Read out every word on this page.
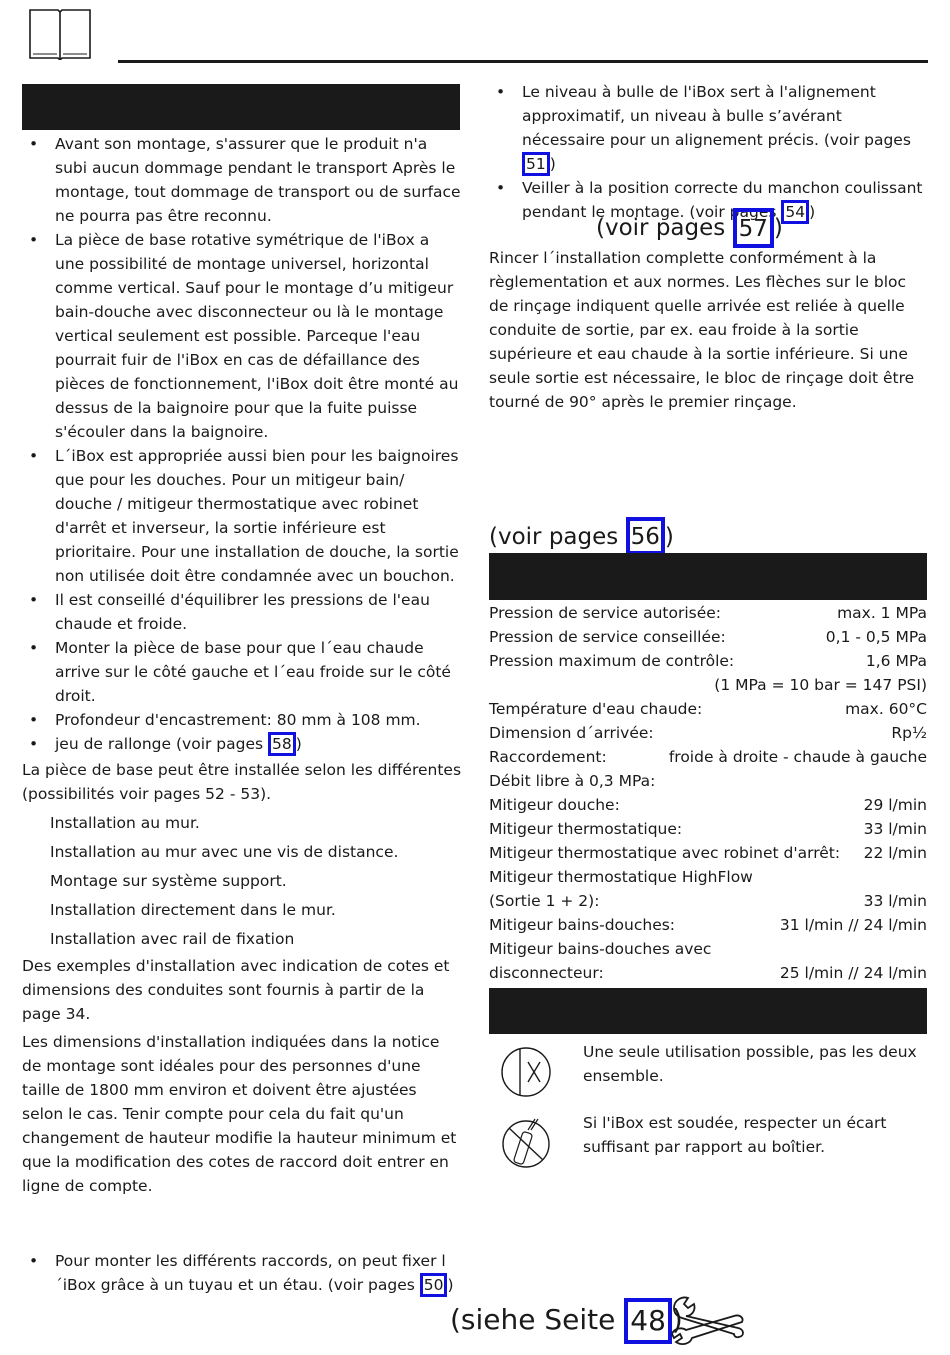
• Avant son montage, s'assurer que le produit n'a subi aucun dommage pendant le transport Après le montage, tout dommage de transport ou de surface ne pourra pas être reconnu.
• La pièce de base rotative symétrique de l'iBox a une possibilité de montage universel, horizontal comme vertical. Sauf pour le montage d’u mitigeur bain-douche avec disconnecteur ou là le montage vertical seulement est possible. Parceque l'eau pourrait fuir de l'iBox en cas de défaillance des pièces de fonctionnement, l'iBox doit être monté au dessus de la baignoire pour que la fuite puisse s'écouler dans la baignoire.
• L´iBox est appropriée aussi bien pour les baignoires que pour les douches. Pour un mitigeur bain/ douche / mitigeur thermostatique avec robinet d'arrêt et inverseur, la sortie inférieure est prioritaire. Pour une installation de douche, la sortie non utilisée doit être condamnée avec un bouchon.
• Il est conseillé d'équilibrer les pressions de l'eau chaude et froide.
• Monter la pièce de base pour que l´eau chaude arrive sur le côté gauche et l´eau froide sur le côté droit.
• Profondeur d'encastrement: 80 mm à 108 mm.
• jeu de rallonge (voir pages 58 )

La pièce de base peut être installée selon les différentes (possibilités voir pages 52 - 53).

Installation au mur.
Installation au mur avec une vis de distance.
Montage sur système support.
Installation directement dans le mur.
Installation avec rail de fixation

Des exemples d'installation avec indication de cotes et dimensions des conduites sont fournis à partir de la page 34.

Les dimensions d'installation indiquées dans la notice de montage sont idéales pour des personnes d'une taille de 1800 mm environ et doivent être ajustées selon le cas. Tenir compte pour cela du fait qu'un changement de hauteur modifie la hauteur minimum et que la modification des cotes de raccord doit entrer en ligne de compte.

• Pour monter les différents raccords, on peut fixer l´iBox grâce à un tuyau et un étau. (voir pages 50 )
• Le niveau à bulle de l'iBox sert à l'alignement approximatif, un niveau à bulle s’avérant nécessaire pour un alignement précis. (voir pages 51 )
• Veiller à la position correcte du manchon coulissant pendant le montage. (voir pages 54 )
(voir pages 57 )

Rincer l´installation complette conformément à la règlementation et aux normes. Les flèches sur le bloc de rinçage indiquent quelle arrivée est reliée à quelle conduite de sortie, par ex. eau froide à la sortie supérieure et eau chaude à la sortie inférieure. Si une seule sortie est nécessaire, le bloc de rinçage doit être tourné de 90° après le premier rinçage.

(voir pages 56 )
Pression de service autorisée:	max. 1 MPa
Pression de service conseillée:	0,1 - 0,5 MPa
Pression maximum de contrôle:	1,6 MPa
(1 MPa = 10 bar = 147 PSI)
Température d'eau chaude:	max. 60°C
Dimension d´arrivée:	Rp½
Raccordement:	froide à droite - chaude à gauche
Débit libre à 0,3 MPa:
Mitigeur douche:	29 l/min
Mitigeur thermostatique:	33 l/min
Mitigeur thermostatique avec robinet d'arrêt: 22 l/min
Mitigeur thermostatique HighFlow
(Sortie 1 + 2):	33 l/min
Mitigeur bains-douches:	31 l/min // 24 l/min
Mitigeur bains-douches avec
disconnecteur:	25 l/min // 24 l/min

Une seule utilisation possible, pas les deux ensemble.

Si l'iBox est soudée, respecter un écart suffisant par rapport au boîtier.

(siehe Seite 48 )
